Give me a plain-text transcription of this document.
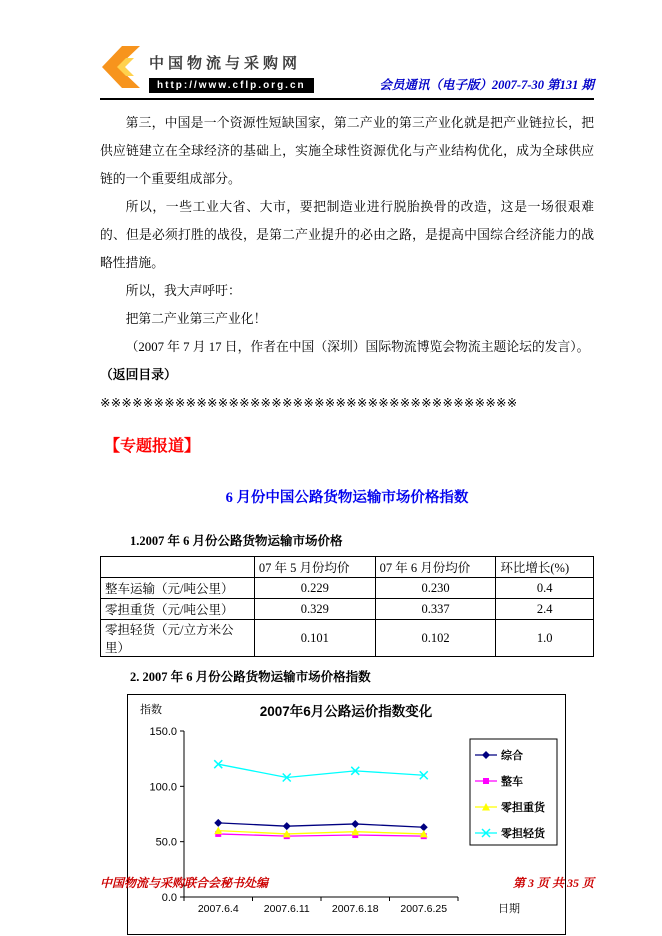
中国物流与采购网
http://www.cflp.org.cn	会员通讯（电子版）2007-7-30 第131 期

第三，中国是一个资源性短缺国家，第二产业的第三产业化就是把产业链拉长，把供应链建立在全球经济的基础上，实施全球性资源优化与产业结构优化，成为全球供应链的一个重要组成部分。

所以，一些工业大省、大市，要把制造业进行脱胎换骨的改造，这是一场很艰难的、但是必须打胜的战役，是第二产业提升的必由之路，是提高中国综合经济能力的战略性措施。

所以，我大声呼吁：

把第二产业第三产业化！

（2007 年 7 月 17 日，作者在中国（深圳）国际物流博览会物流主题论坛的发言）。

（返回目录）

※※※※※※※※※※※※※※※※※※※※※※※※※※※※※※※※※※※※※※※

【专题报道】

6 月份中国公路货物运输市场价格指数

1.2007 年 6 月份公路货物运输市场价格

	07 年 5 月份均价	07 年 6 月份均价	环比增长(%)
整车运输（元/吨公里）	0.229	0.230	0.4
零担重货（元/吨公里）	0.329	0.337	2.4
零担轻货（元/立方米公里）	0.101	0.102	1.0

2. 2007 年 6 月份公路货物运输市场价格指数

2007年6月公路运价指数变化
指数
日期
0.0
50.0
100.0
150.0
2007.6.4 2007.6.11 2007.6.18 2007.6.25
综合
整车
零担重货
零担轻货
中国物流与采购联合会秘书处编	第 3 页 共 35 页
